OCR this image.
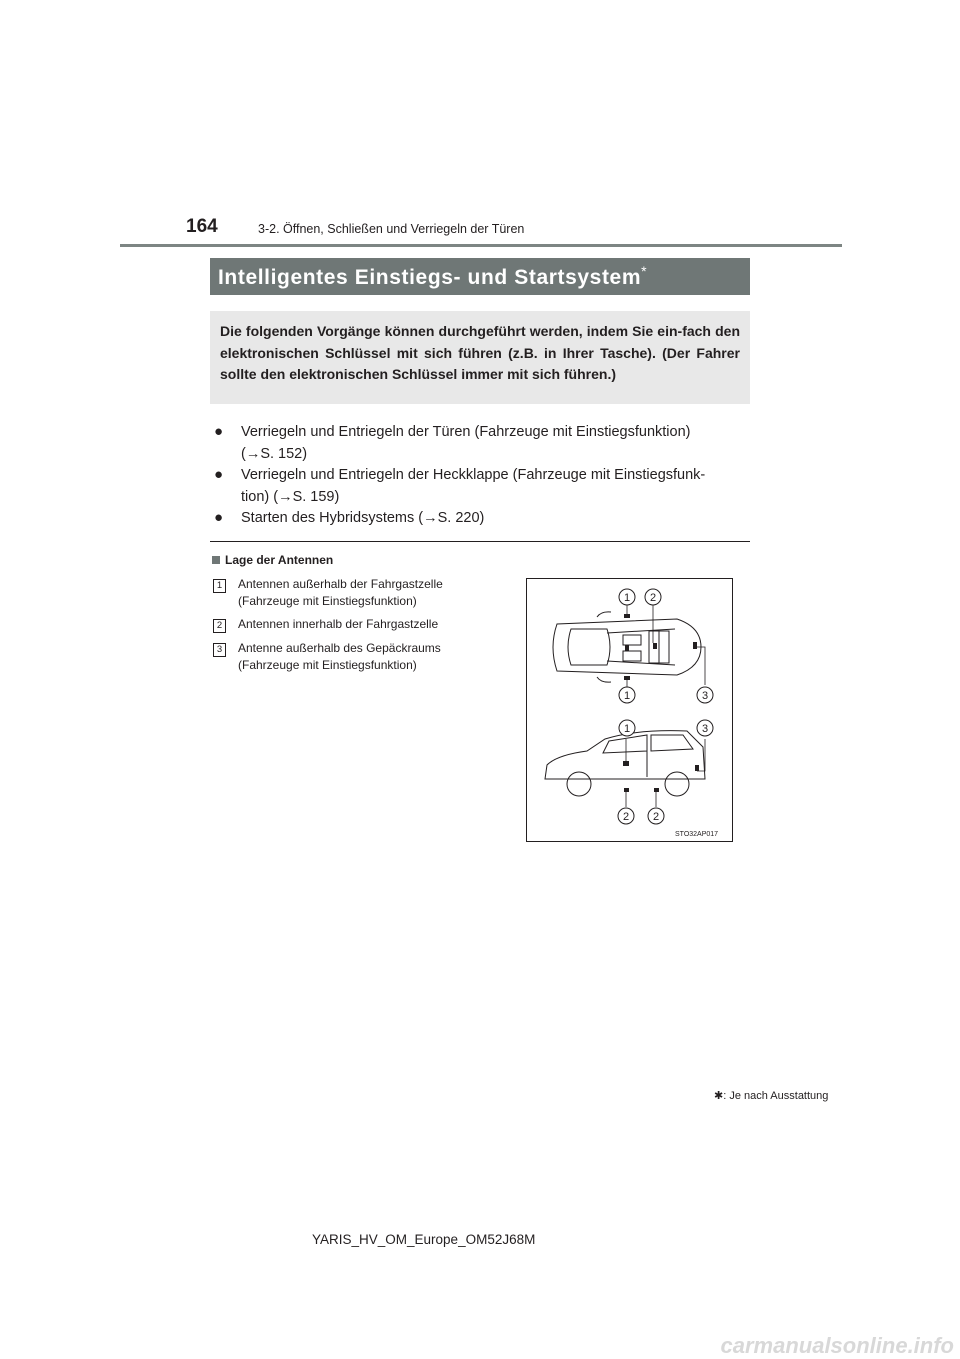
164	3-2. Öffnen, Schließen und Verriegeln der Türen
Intelligentes Einstiegs- und Startsystem*
Die folgenden Vorgänge können durchgeführt werden, indem Sie ein-fach den elektronischen Schlüssel mit sich führen (z.B. in Ihrer Tasche). (Der Fahrer sollte den elektronischen Schlüssel immer mit sich führen.)
● Verriegeln und Entriegeln der Türen (Fahrzeuge mit Einstiegsfunktion)
(→S. 152)
● Verriegeln und Entriegeln der Heckklappe (Fahrzeuge mit Einstiegsfunk-
tion) (→S. 159)
● Starten des Hybridsystems (→S. 220)
Lage der Antennen
1	Antennen außerhalb der Fahrgastzelle
(Fahrzeuge mit Einstiegsfunktion)
2	Antennen innerhalb der Fahrgastzelle
3	Antenne außerhalb des Gepäckraums
(Fahrzeuge mit Einstiegsfunktion)
1 2
1	3
1	3
2 2
STO32AP017
✱: Je nach Ausstattung
YARIS_HV_OM_Europe_OM52J68M
carmanualsonline.info
